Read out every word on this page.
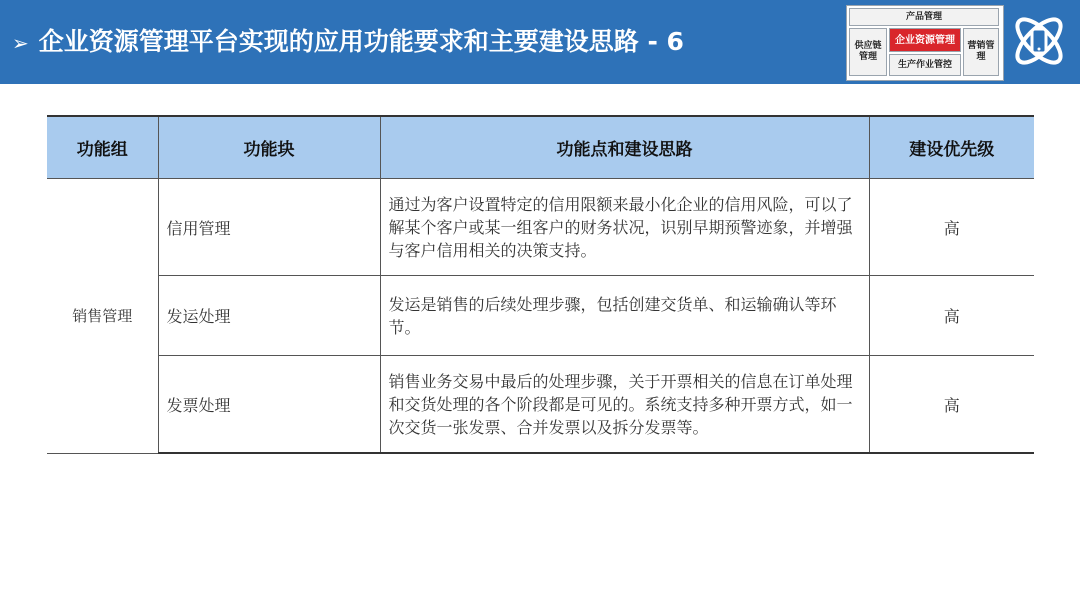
➢ 企业资源管理平台实现的应用功能要求和主要建设思路 - 6
产品管理
供应链管理
企业资源管理
营销管理
生产作业管控
功能组	功能块	功能点和建设思路	建设优先级
销售管理	信用管理	通过为客户设置特定的信用限额来最小化企业的信用风险，可以了解某个客户或某一组客户的财务状况，识别早期预警迹象，并增强与客户信用相关的决策支持。	高
	发运处理	发运是销售的后续处理步骤，包括创建交货单、和运输确认等环节。	高
	发票处理	销售业务交易中最后的处理步骤，关于开票相关的信息在订单处理和交货处理的各个阶段都是可见的。系统支持多种开票方式，如一次交货一张发票、合并发票以及拆分发票等。	高
